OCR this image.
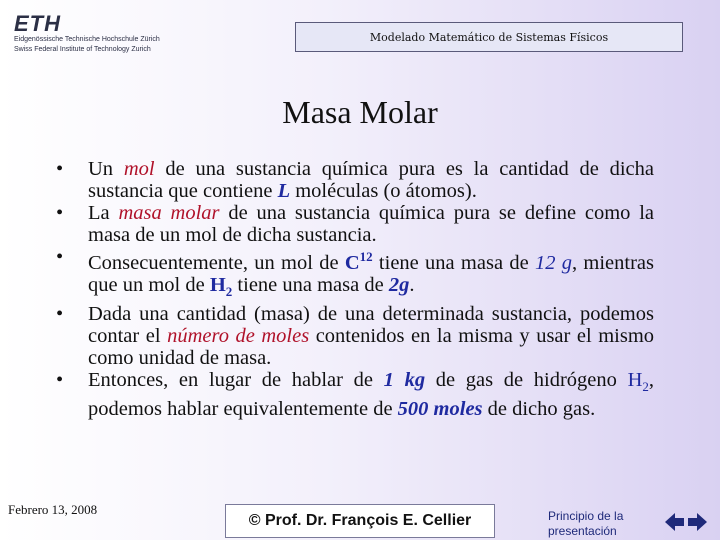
ETH
Eidgenössische Technische Hochschule Zürich
Swiss Federal Institute of Technology Zurich
Modelado Matemático de Sistemas Físicos
Masa Molar
• Un mol de una sustancia química pura es la cantidad de dicha sustancia que contiene L moléculas (o átomos).
• La masa molar de una sustancia química pura se define como la masa de un mol de dicha sustancia.
• Consecuentemente, un mol de $C^{12}$ tiene una masa de 12 g, mientras que un mol de $H_2$ tiene una masa de 2g.
• Dada una cantidad (masa) de una determinada sustancia, podemos contar el número de moles contenidos en la misma y usar el mismo como unidad de masa.
• Entonces, en lugar de hablar de 1 kg de gas de hidrógeno $H_2$, podemos hablar equivalentemente de 500 moles de dicho gas.
Febrero 13, 2008
© Prof. Dr. François E. Cellier	Principio de la presentación
